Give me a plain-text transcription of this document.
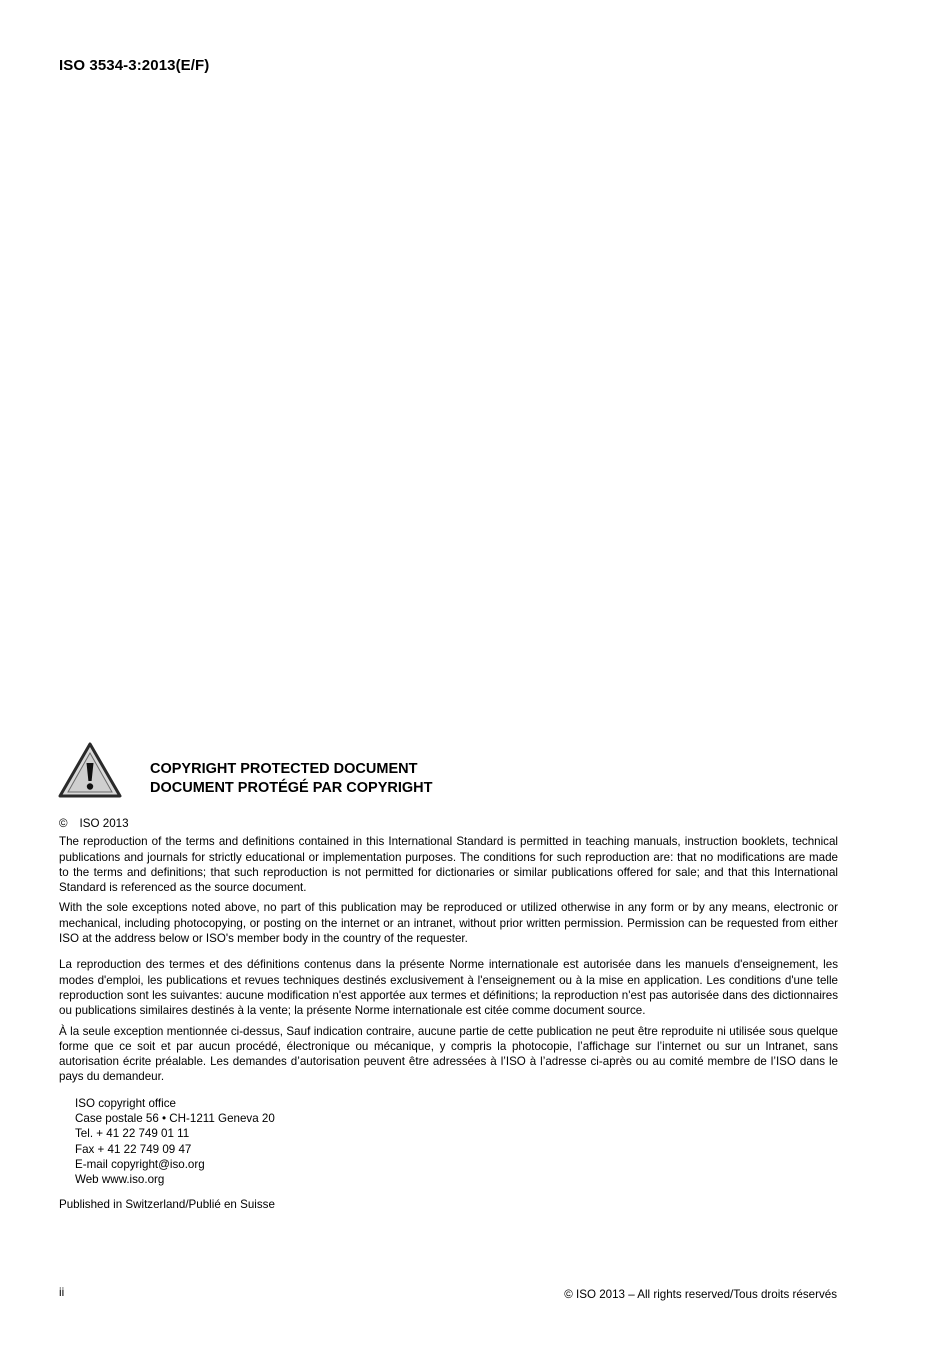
ISO 3534-3:2013(E/F)
COPYRIGHT PROTECTED DOCUMENT
DOCUMENT PROTÉGÉ PAR COPYRIGHT

© ISO 2013

The reproduction of the terms and definitions contained in this International Standard is permitted in teaching manuals, instruction booklets, technical publications and journals for strictly educational or implementation purposes. The conditions for such reproduction are: that no modifications are made to the terms and definitions; that such reproduction is not permitted for dictionaries or similar publications offered for sale; and that this International Standard is referenced as the source document.

With the sole exceptions noted above, no part of this publication may be reproduced or utilized otherwise in any form or by any means, electronic or mechanical, including photocopying, or posting on the internet or an intranet, without prior written permission. Permission can be requested from either ISO at the address below or ISO's member body in the country of the requester.

La reproduction des termes et des définitions contenus dans la présente Norme internationale est autorisée dans les manuels d'enseignement, les modes d'emploi, les publications et revues techniques destinés exclusivement à l'enseignement ou à la mise en application. Les conditions d'une telle reproduction sont les suivantes: aucune modification n'est apportée aux termes et définitions; la reproduction n'est pas autorisée dans des dictionnaires ou publications similaires destinés à la vente; la présente Norme internationale est citée comme document source.

À la seule exception mentionnée ci-dessus, Sauf indication contraire, aucune partie de cette publication ne peut être reproduite ni utilisée sous quelque forme que ce soit et par aucun procédé, électronique ou mécanique, y compris la photocopie, l’affichage sur l’internet ou sur un Intranet, sans autorisation écrite préalable. Les demandes d’autorisation peuvent être adressées à l’ISO à l’adresse ci-après ou au comité membre de l’ISO dans le pays du demandeur.

ISO copyright office
Case postale 56 • CH-1211 Geneva 20
Tel. + 41 22 749 01 11
Fax + 41 22 749 09 47
E-mail copyright@iso.org
Web www.iso.org
Published in Switzerland/Publié en Suisse
ii	© ISO 2013 – All rights reserved/Tous droits réservés
